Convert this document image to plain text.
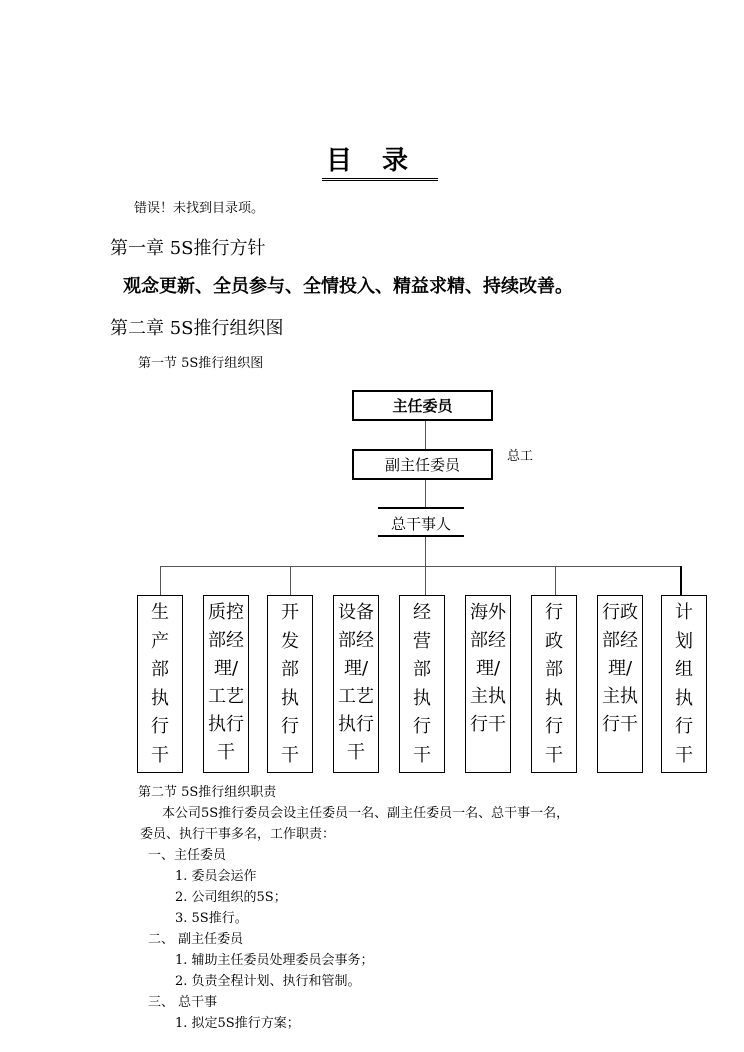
目录
错误！未找到目录项。
第一章 5S推行方针
观念更新、全员参与、全情投入、精益求精、持续改善。
第二章 5S推行组织图
第一节 5S推行组织图
主任委员
副主任委员	总工
总干事人
生产部执行干
质控部经理/工艺执行干
开发部执行干
设备部经理/工艺执行干
经营部执行干
海外部经理/主执行干
行政部执行干
行政部经理/主执行干
计划组执行干
第二节 5S推行组织职责
本公司5S推行委员会设主任委员一名、副主任委员一名、总干事一名，
委员、执行干事多名，工作职责：
一、主任委员
1. 委员会运作
2. 公司组织的5S；
3. 5S推行。
二、 副主任委员
1. 辅助主任委员处理委员会事务；
2. 负责全程计划、执行和管制。
三、 总干事
1. 拟定5S推行方案；
